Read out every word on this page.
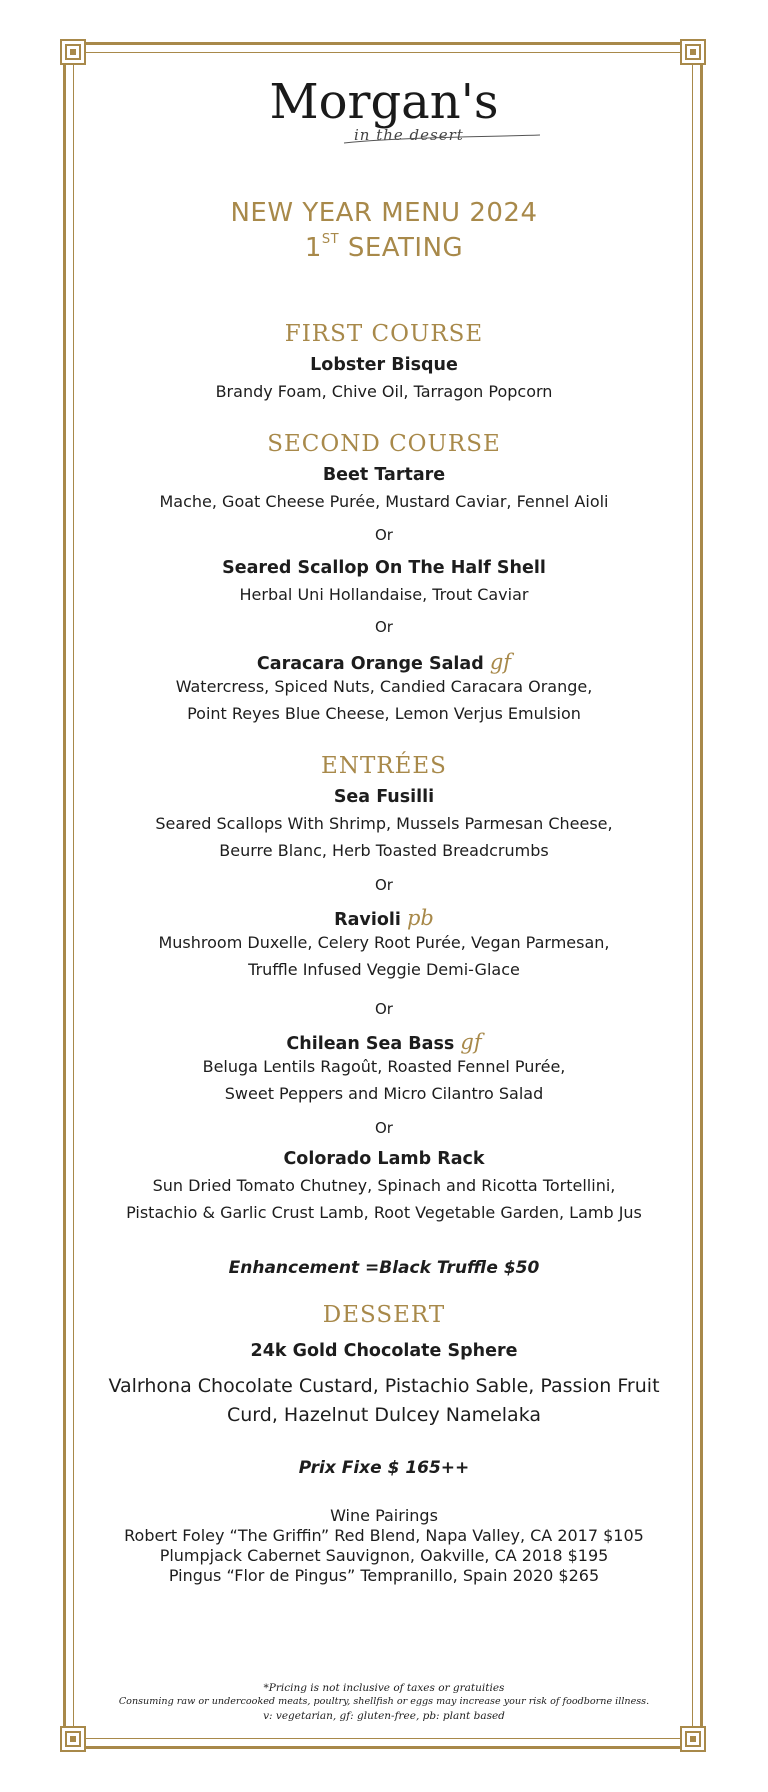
Morgan's
in the desert
NEW YEAR MENU 2024
1ST SEATING
FIRST COURSE
Lobster Bisque
Brandy Foam, Chive Oil, Tarragon Popcorn
SECOND COURSE
Beet Tartare
Mache, Goat Cheese Purée, Mustard Caviar, Fennel Aioli
Or
Seared Scallop On The Half Shell
Herbal Uni Hollandaise, Trout Caviar
Or
Caracara Orange Salad gf
Watercress, Spiced Nuts, Candied Caracara Orange,
Point Reyes Blue Cheese, Lemon Verjus Emulsion
ENTRÉES
Sea Fusilli
Seared Scallops With Shrimp, Mussels Parmesan Cheese,
Beurre Blanc, Herb Toasted Breadcrumbs
Or
Ravioli pb
Mushroom Duxelle, Celery Root Purée, Vegan Parmesan,
Truffle Infused Veggie Demi-Glace
Or
Chilean Sea Bass gf
Beluga Lentils Ragoût, Roasted Fennel Purée,
Sweet Peppers and Micro Cilantro Salad
Or
Colorado Lamb Rack
Sun Dried Tomato Chutney, Spinach and Ricotta Tortellini,
Pistachio & Garlic Crust Lamb, Root Vegetable Garden, Lamb Jus
Enhancement =Black Truffle $50
DESSERT
24k Gold Chocolate Sphere
Valrhona Chocolate Custard, Pistachio Sable, Passion Fruit
Curd, Hazelnut Dulcey Namelaka
Prix Fixe $ 165++
Wine Pairings
Robert Foley “The Griffin” Red Blend, Napa Valley, CA 2017 $105
Plumpjack Cabernet Sauvignon, Oakville, CA 2018 $195
Pingus “Flor de Pingus” Tempranillo, Spain 2020 $265
*Pricing is not inclusive of taxes or gratuities
Consuming raw or undercooked meats, poultry, shellfish or eggs may increase your risk of foodborne illness.
v: vegetarian, gf: gluten-free, pb: plant based
